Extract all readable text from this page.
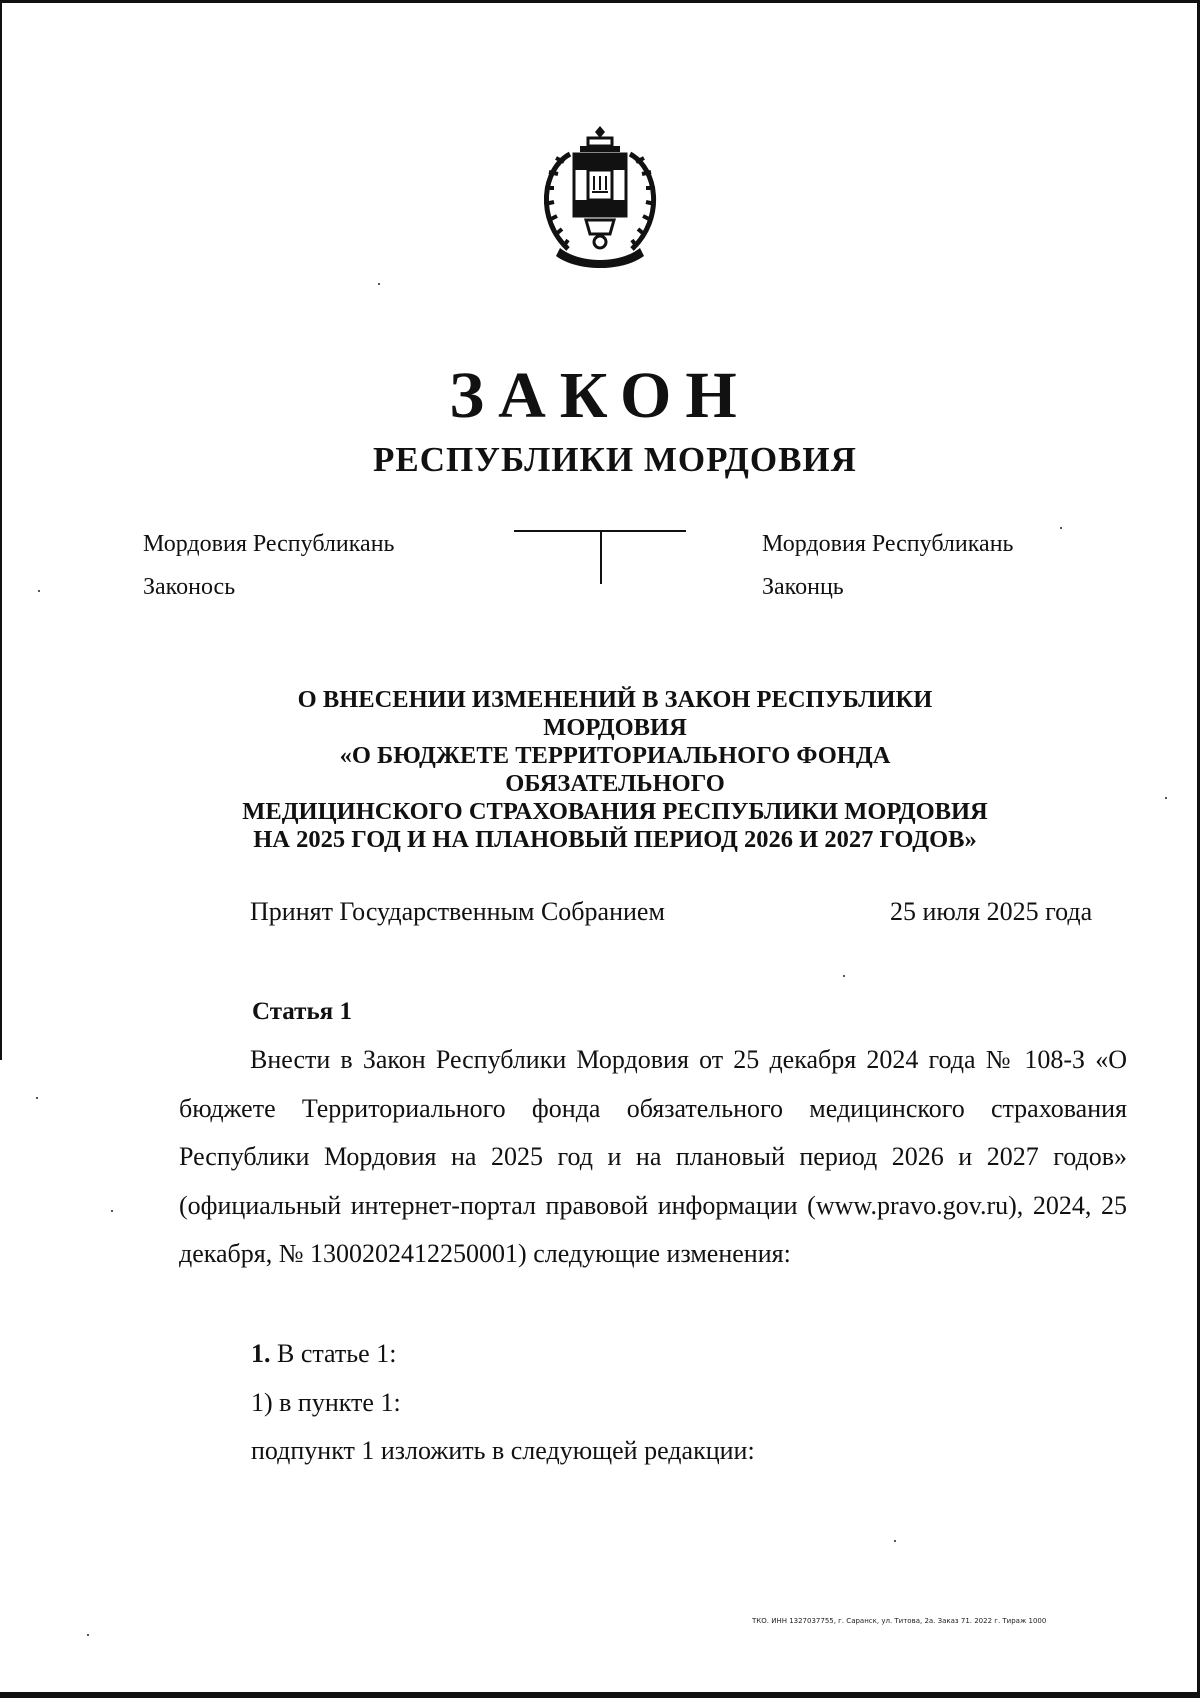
ЗАКОН
РЕСПУБЛИКИ МОРДОВИЯ
Мордовия Республикань
Законось
Мордовия Республикань
Законць
О ВНЕСЕНИИ ИЗМЕНЕНИЙ В ЗАКОН РЕСПУБЛИКИ МОРДОВИЯ
«О БЮДЖЕТЕ ТЕРРИТОРИАЛЬНОГО ФОНДА ОБЯЗАТЕЛЬНОГО
МЕДИЦИНСКОГО СТРАХОВАНИЯ РЕСПУБЛИКИ МОРДОВИЯ
НА 2025 ГОД И НА ПЛАНОВЫЙ ПЕРИОД 2026 И 2027 ГОДОВ»
Принят Государственным Собранием	25 июля 2025 года
Статья 1

Внести в Закон Республики Мордовия от 25 декабря 2024 года № 108-З «О бюджете Территориального фонда обязательного медицинского страхования Республики Мордовия на 2025 год и на плановый период 2026 и 2027 годов» (официальный интернет-портал правовой информации (www.pravo.gov.ru), 2024, 25 декабря, № 1300202412250001) следующие изменения:

1. В статье 1:
1) в пункте 1:
подпункт 1 изложить в следующей редакции:
ТКО. ИНН 1327037755, г. Саранск, ул. Титова, 2а. Заказ 71. 2022 г. Тираж 1000
